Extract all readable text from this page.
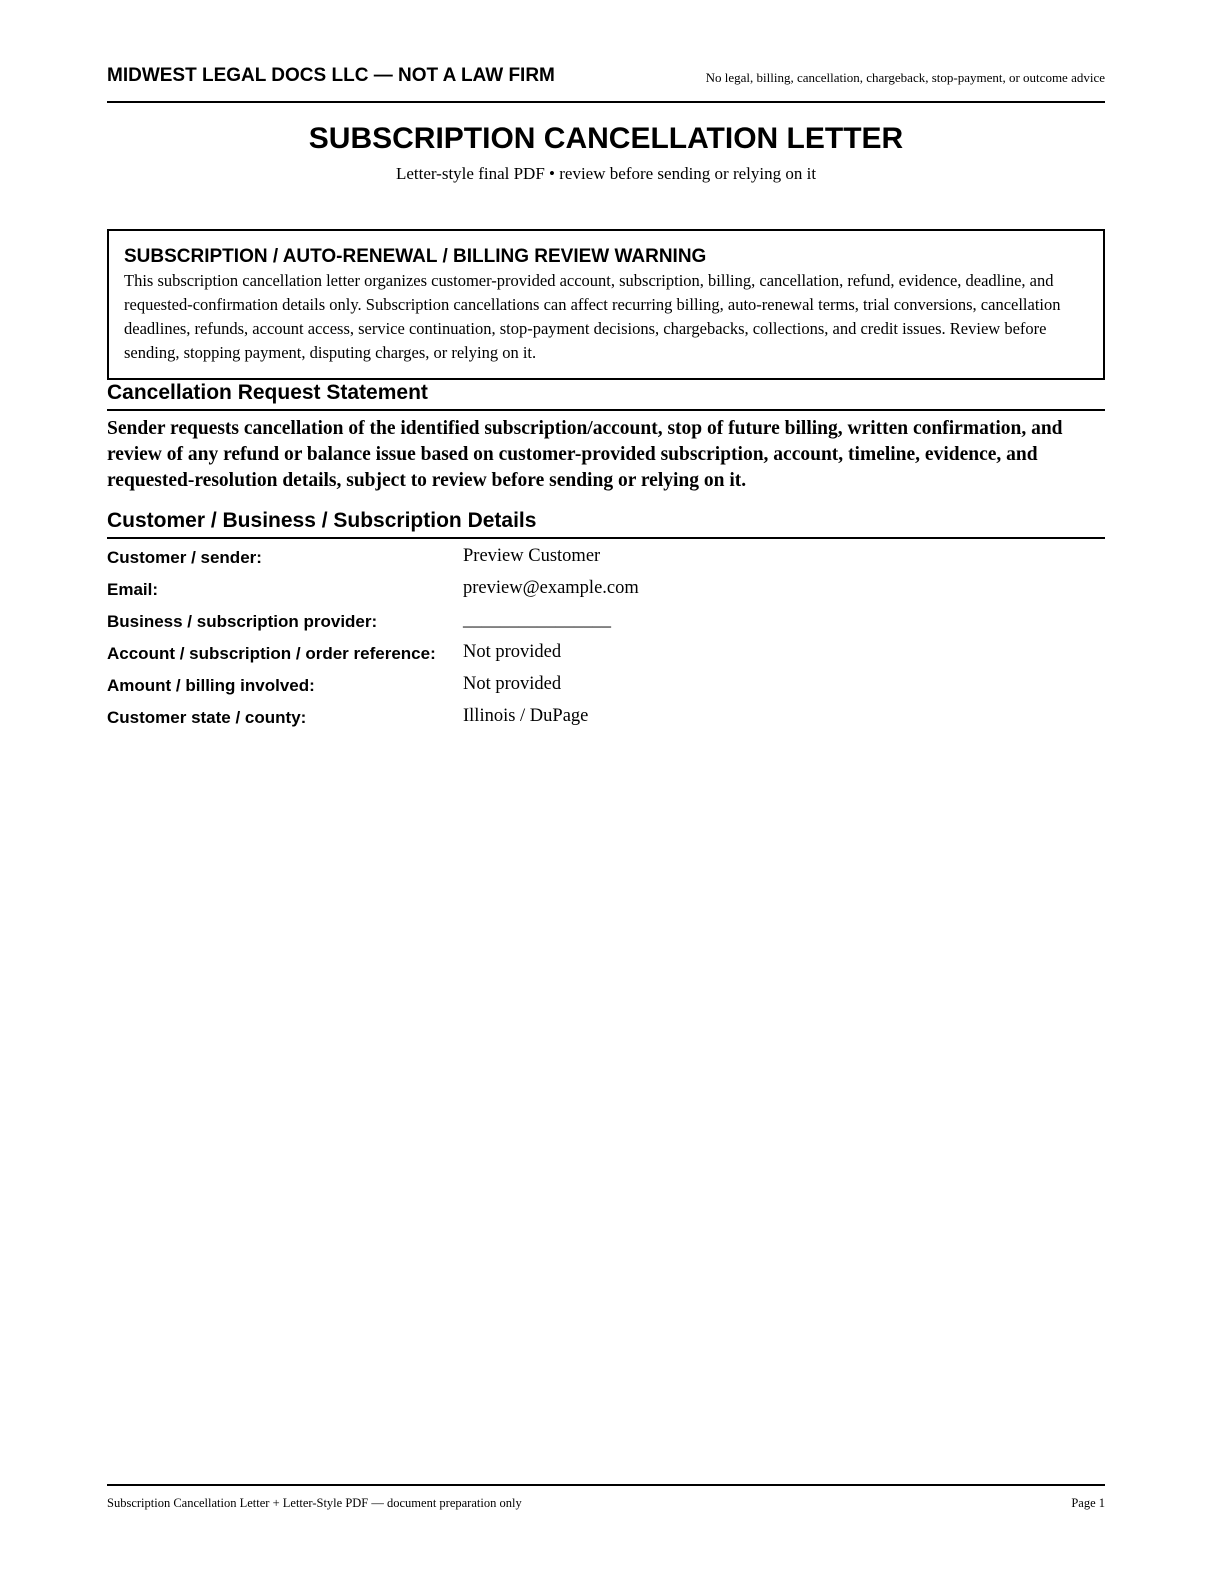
MIDWEST LEGAL DOCS LLC — NOT A LAW FIRM	No legal, billing, cancellation, chargeback, stop-payment, or outcome advice
SUBSCRIPTION CANCELLATION LETTER
Letter-style final PDF • review before sending or relying on it
SUBSCRIPTION / AUTO-RENEWAL / BILLING REVIEW WARNING
This subscription cancellation letter organizes customer-provided account, subscription, billing, cancellation, refund, evidence, deadline, and requested-confirmation details only. Subscription cancellations can affect recurring billing, auto-renewal terms, trial conversions, cancellation deadlines, refunds, account access, service continuation, stop-payment decisions, chargebacks, collections, and credit issues. Review before sending, stopping payment, disputing charges, or relying on it.
Cancellation Request Statement
Sender requests cancellation of the identified subscription/account, stop of future billing, written confirmation, and review of any refund or balance issue based on customer-provided subscription, account, timeline, evidence, and requested-resolution details, subject to review before sending or relying on it.
Customer / Business / Subscription Details
Customer / sender:	Preview Customer
Email:	preview@example.com
Business / subscription provider:	________________
Account / subscription / order reference: Not provided
Amount / billing involved:	Not provided
Customer state / county:	Illinois / DuPage
Subscription Cancellation Letter + Letter-Style PDF — document preparation only	Page 1
